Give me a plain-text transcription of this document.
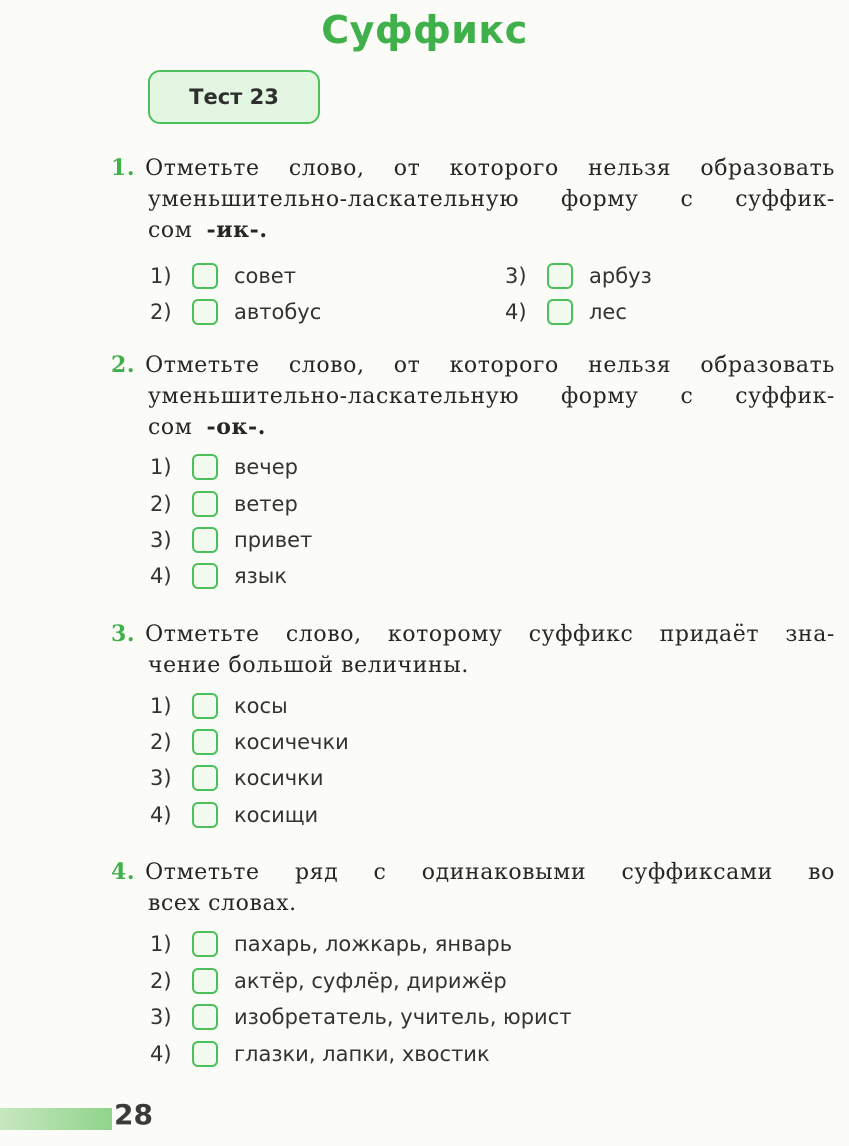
Суффикс
Тест 23
1. Отметьте слово, от которого нельзя образовать
уменьшительно-ласкательную форму с суффик-
сом -ик-.
1)	совет
2)	автобус
3)	арбуз
4)	лес
2. Отметьте слово, от которого нельзя образовать
уменьшительно-ласкательную форму с суффик-
сом -ок-.
1)	вечер
2)	ветер
3)	привет
4)	язык
3. Отметьте слово, которому суффикс придаёт зна-
чение большой величины.
1)	косы
2)	косичечки
3)	косички
4)	косищи
4. Отметьте ряд с одинаковыми суффиксами во
всех словах.
1)	пахарь, ложкарь, январь
2)	актёр, суфлёр, дирижёр
3)	изобретатель, учитель, юрист
4)	глазки, лапки, хвостик
28
